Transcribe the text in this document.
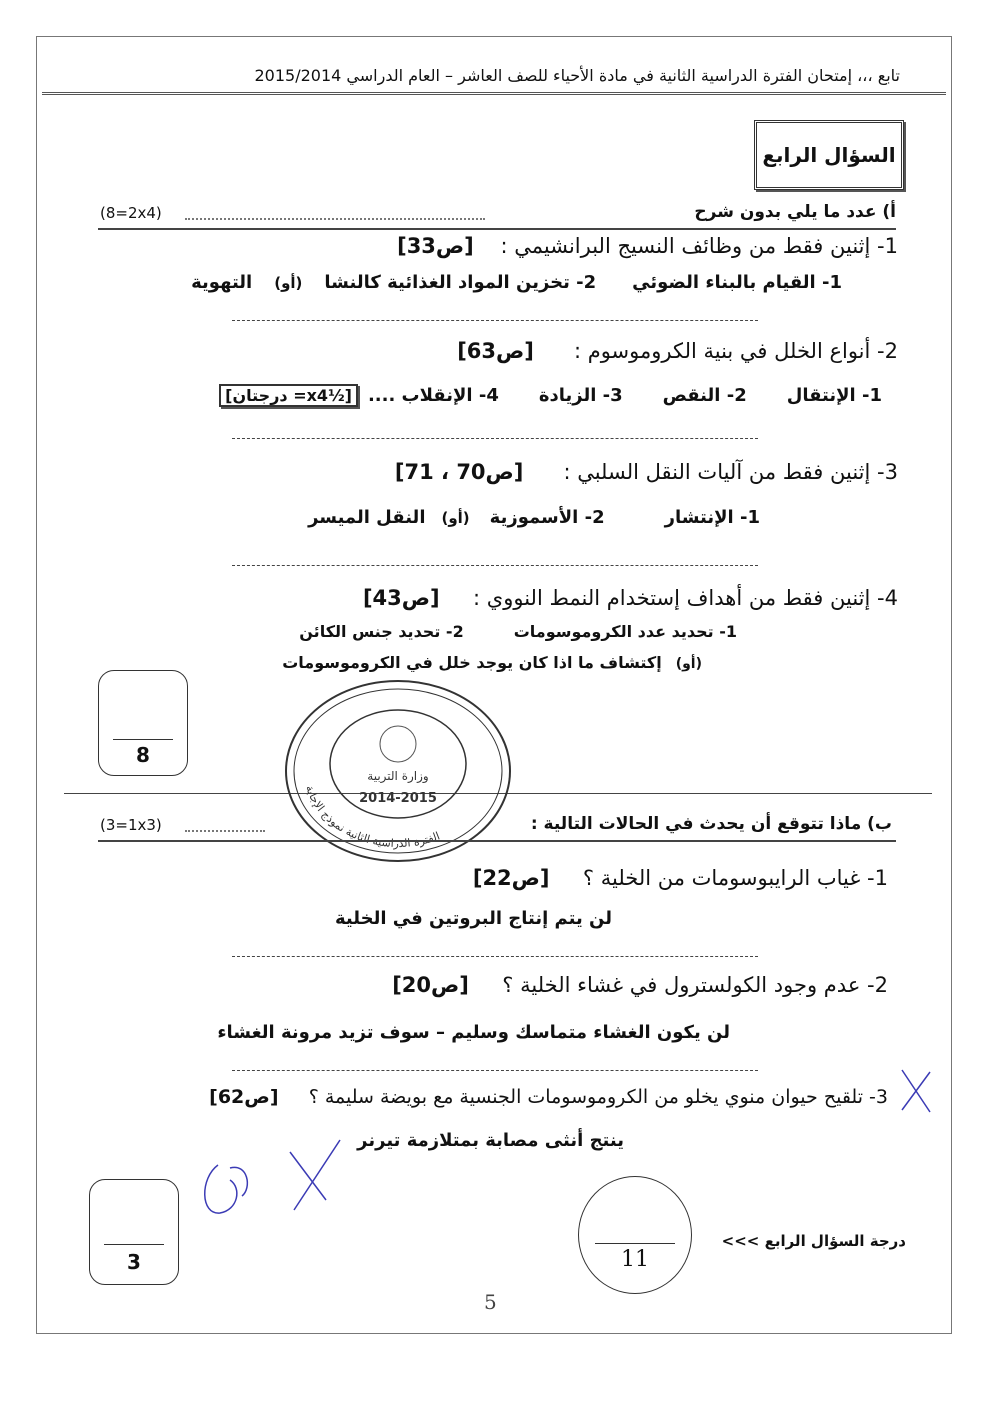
تابع ،،، إمتحان الفترة الدراسية الثانية في مادة الأحياء للصف العاشر – العام الدراسي 2015/2014
السؤال الرابع
أ) عدد ما يلي بدون شرح
(8=2x4)
1- إثنين فقط من وظائف النسيج البرانشيمي :    [ص33]
1- القيام بالبناء الضوئي
2- تخزين المواد الغذائية كالنشا
(أو)
التهوية
2- أنواع الخلل في بنية الكروموسوم :      [ص63]
1- الإنتقال
2- النقص
3- الزيادة
4- الإنقلاب ....
[½x4= درجتان]
3- إثنين فقط من آليات النقل السلبي :      [ص70 ، 71]
1- الإنتشار
2- الأسموزية
(أو)
النقل الميسر
4- إثنين فقط من أهداف إستخدام النمط النووي :     [ص43]
1- تحديد عدد الكروموسومات
2- تحديد جنس الكائن
(أو)
إكتشاف ما اذا كان يوجد خلل في الكروموسومات
8
وزارة التربية
2014-2015
الفترة الدراسية الثانية نموذج الإجابة
ب) ماذا تتوقع أن يحدث في الحالات التالية :
(3=1x3)
1- غياب الرايبوسومات من الخلية ؟     [ص22]
لن يتم إنتاج البروتين في الخلية
2- عدم وجود الكولسترول في غشاء الخلية ؟     [ص20]
لن يكون الغشاء متماسك وسليم – سوف تزيد مرونة الغشاء
3- تلقيح حيوان منوي يخلو من الكروموسومات الجنسية مع بويضة سليمة ؟     [ص62]
ينتج أنثى مصابة بمتلازمة تيرنر
3	11
درجة السؤال الرابع >>>
5
